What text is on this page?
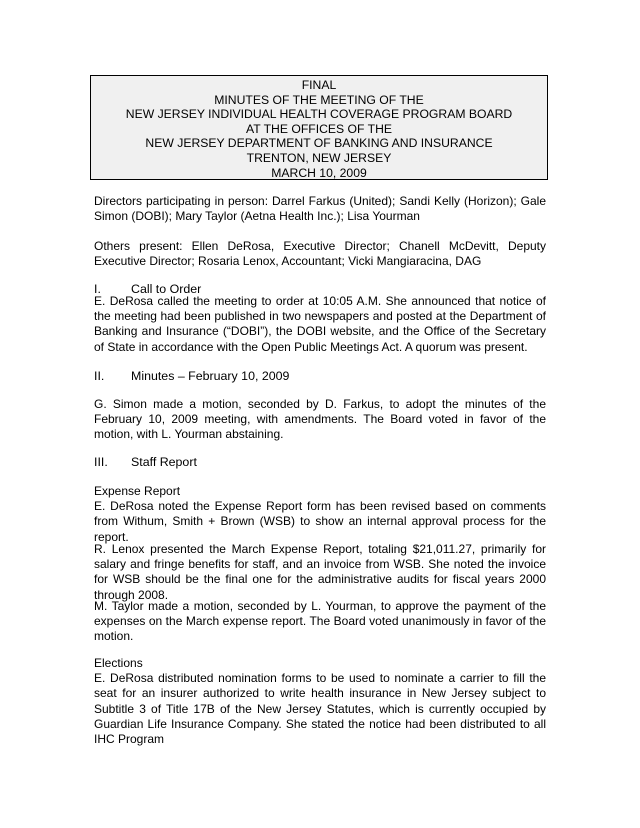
FINAL
MINUTES OF THE MEETING OF THE
NEW JERSEY INDIVIDUAL HEALTH COVERAGE PROGRAM BOARD
AT THE OFFICES OF THE
NEW JERSEY DEPARTMENT OF BANKING AND INSURANCE
TRENTON, NEW JERSEY
MARCH 10, 2009
Directors participating in person: Darrel Farkus (United); Sandi Kelly (Horizon); Gale Simon (DOBI); Mary Taylor (Aetna Health Inc.); Lisa Yourman
Others present: Ellen DeRosa, Executive Director; Chanell McDevitt, Deputy Executive Director; Rosaria Lenox, Accountant; Vicki Mangiaracina, DAG
I. Call to Order
E. DeRosa called the meeting to order at 10:05 A.M. She announced that notice of the meeting had been published in two newspapers and posted at the Department of Banking and Insurance (“DOBI”), the DOBI website, and the Office of the Secretary of State in accordance with the Open Public Meetings Act. A quorum was present.
II. Minutes – February 10, 2009
G. Simon made a motion, seconded by D. Farkus, to adopt the minutes of the February 10, 2009 meeting, with amendments. The Board voted in favor of the motion, with L. Yourman abstaining.
III. Staff Report
Expense Report
E. DeRosa noted the Expense Report form has been revised based on comments from Withum, Smith + Brown (WSB) to show an internal approval process for the report.
R. Lenox presented the March Expense Report, totaling $21,011.27, primarily for salary and fringe benefits for staff, and an invoice from WSB. She noted the invoice for WSB should be the final one for the administrative audits for fiscal years 2000 through 2008.
M. Taylor made a motion, seconded by L. Yourman, to approve the payment of the expenses on the March expense report. The Board voted unanimously in favor of the motion.
Elections
E. DeRosa distributed nomination forms to be used to nominate a carrier to fill the seat for an insurer authorized to write health insurance in New Jersey subject to Subtitle 3 of Title 17B of the New Jersey Statutes, which is currently occupied by Guardian Life Insurance Company. She stated the notice had been distributed to all IHC Program
